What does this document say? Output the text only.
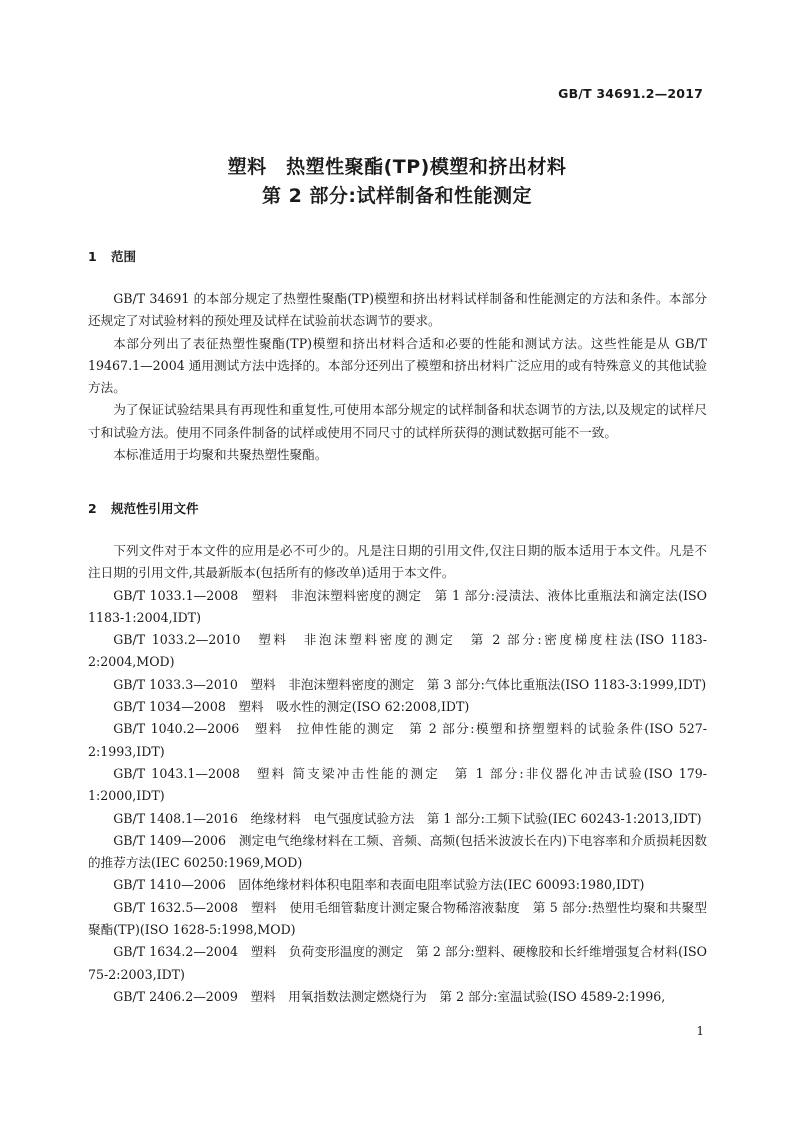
GB/T 34691.2—2017
塑料　热塑性聚酯(TP)模塑和挤出材料
第 2 部分:试样制备和性能测定
1 范围

GB/T 34691 的本部分规定了热塑性聚酯(TP)模塑和挤出材料试样制备和性能测定的方法和条件。本部分还规定了对试验材料的预处理及试样在试验前状态调节的要求。

本部分列出了表征热塑性聚酯(TP)模塑和挤出材料合适和必要的性能和测试方法。这些性能是从 GB/T 19467.1—2004 通用测试方法中选择的。本部分还列出了模塑和挤出材料广泛应用的或有特殊意义的其他试验方法。

为了保证试验结果具有再现性和重复性,可使用本部分规定的试样制备和状态调节的方法,以及规定的试样尺寸和试验方法。使用不同条件制备的试样或使用不同尺寸的试样所获得的测试数据可能不一致。

本标准适用于均聚和共聚热塑性聚酯。

2 规范性引用文件

下列文件对于本文件的应用是必不可少的。凡是注日期的引用文件,仅注日期的版本适用于本文件。凡是不注日期的引用文件,其最新版本(包括所有的修改单)适用于本文件。

GB/T 1033.1—2008　塑料　非泡沫塑料密度的测定　第 1 部分:浸渍法、液体比重瓶法和滴定法(ISO 1183-1:2004,IDT)

GB/T 1033.2—2010　塑料　非泡沫塑料密度的测定　第 2 部分:密度梯度柱法(ISO 1183-2:2004,MOD)

GB/T 1033.3—2010　塑料　非泡沫塑料密度的测定　第 3 部分:气体比重瓶法(ISO 1183-3:1999,IDT)

GB/T 1034—2008　塑料　吸水性的测定(ISO 62:2008,IDT)

GB/T 1040.2—2006　塑料　拉伸性能的测定　第 2 部分:模塑和挤塑塑料的试验条件(ISO 527-2:1993,IDT)

GB/T 1043.1—2008　塑料 简支梁冲击性能的测定　第 1 部分:非仪器化冲击试验(ISO 179-1:2000,IDT)

GB/T 1408.1—2016　绝缘材料　电气强度试验方法　第 1 部分:工频下试验(IEC 60243-1:2013,IDT)

GB/T 1409—2006　测定电气绝缘材料在工频、音频、高频(包括米波波长在内)下电容率和介质损耗因数的推荐方法(IEC 60250:1969,MOD)

GB/T 1410—2006　固体绝缘材料体积电阻率和表面电阻率试验方法(IEC 60093:1980,IDT)

GB/T 1632.5—2008　塑料　使用毛细管黏度计测定聚合物稀溶液黏度　第 5 部分:热塑性均聚和共聚型聚酯(TP)(ISO 1628-5:1998,MOD)

GB/T 1634.2—2004　塑料　负荷变形温度的测定　第 2 部分:塑料、硬橡胶和长纤维增强复合材料(ISO 75-2:2003,IDT)

GB/T 2406.2—2009　塑料　用氧指数法测定燃烧行为　第 2 部分:室温试验(ISO 4589-2:1996,

1
